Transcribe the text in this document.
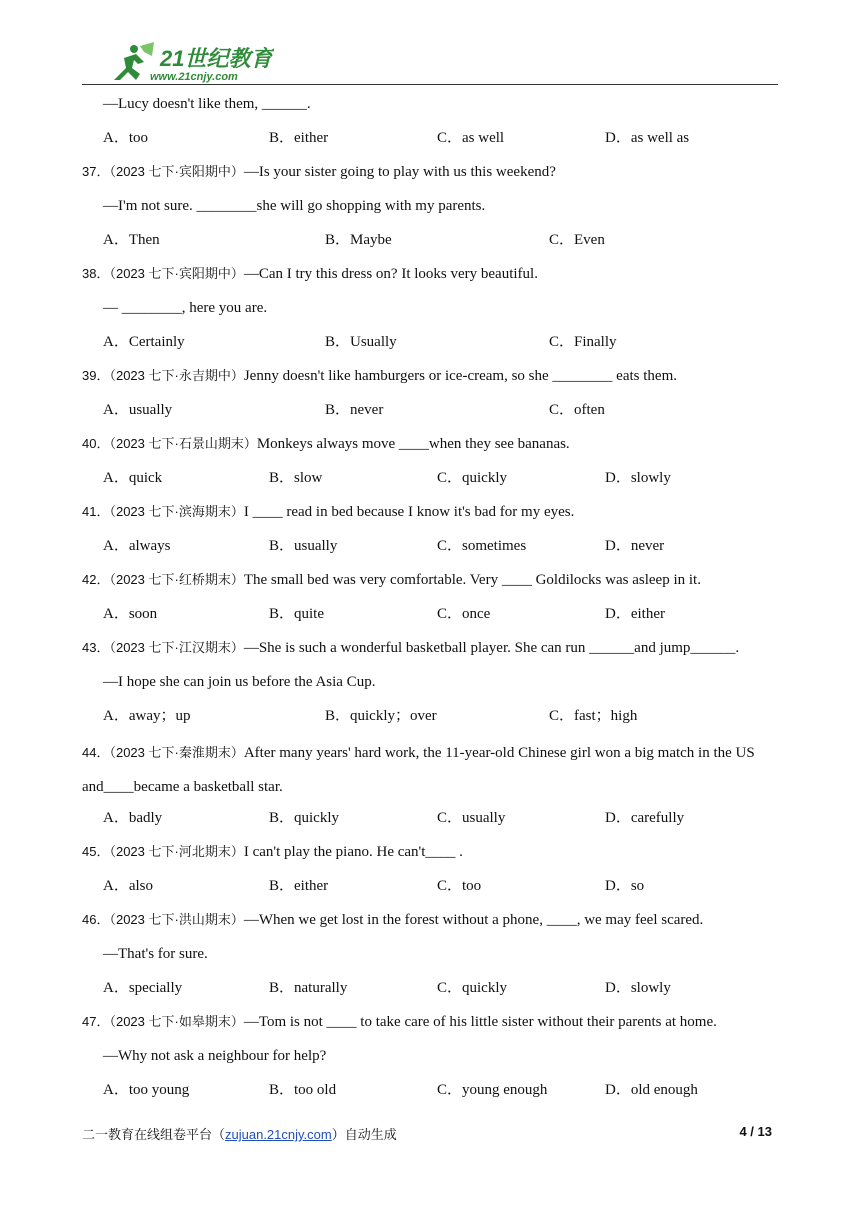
21世纪教育
www.21cnjy.com
—Lucy doesn't like them, ______.
A．too	B．either	C．as well	D．as well as
37．（2023 七下·宾阳期中）—Is your sister going to play with us this weekend?
—I'm not sure. ________she will go shopping with my parents.
A．Then	B．Maybe	C．Even
38．（2023 七下·宾阳期中）—Can I try this dress on? It looks very beautiful.
— ________, here you are.
A．Certainly	B．Usually	C．Finally
39．（2023 七下·永吉期中）Jenny doesn't like hamburgers or ice-cream, so she ________ eats them.
A．usually	B．never	C．often
40．（2023 七下·石景山期末）Monkeys always move ____when they see bananas.
A．quick	B．slow	C．quickly	D．slowly
41．（2023 七下·滨海期末）I ____ read in bed because I know it's bad for my eyes.
A．always	B．usually	C．sometimes	D．never
42．（2023 七下·红桥期末）The small bed was very comfortable. Very ____ Goldilocks was asleep in it.
A．soon	B．quite	C．once	D．either
43．（2023 七下·江汉期末）—She is such a wonderful basketball player. She can run ______and jump______.
—I hope she can join us before the Asia Cup.
A．away；up	B．quickly；over	C．fast；high
44．（2023 七下·秦淮期末）After many years' hard work, the 11-year-old Chinese girl won a big match in the US and____became a basketball star.
A．badly	B．quickly	C．usually	D．carefully
45．（2023 七下·河北期末）I can't play the piano. He can't____ .
A．also	B．either	C．too	D．so
46．（2023 七下·洪山期末）—When we get lost in the forest without a phone, ____, we may feel scared.
—That's for sure.
A．specially	B．naturally	C．quickly	D．slowly
47．（2023 七下·如皋期末）—Tom is not ____ to take care of his little sister without their parents at home.
—Why not ask a neighbour for help?
A．too young	B．too old	C．young enough	D．old enough
二一教育在线组卷平台（zujuan.21cnjy.com）自动生成	4 / 13
